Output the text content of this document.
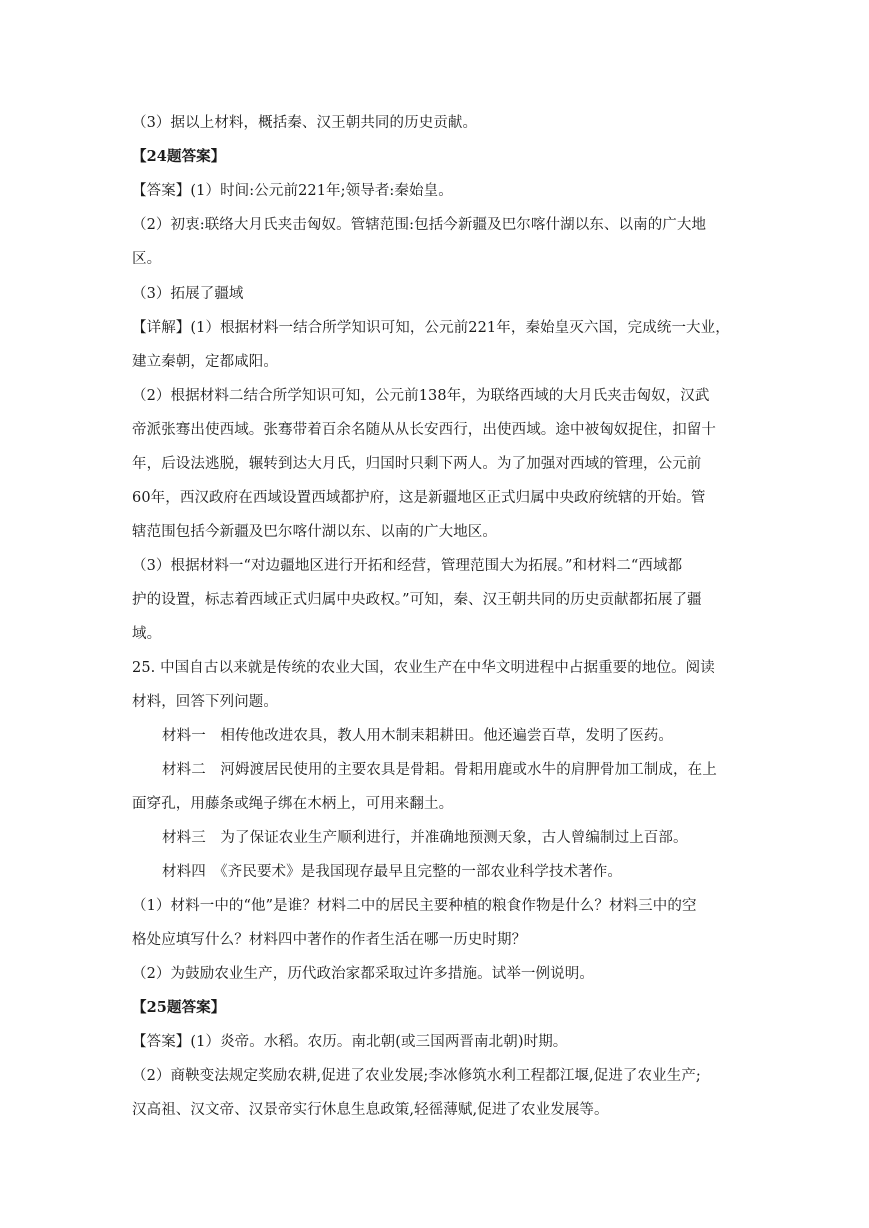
（3）据以上材料，概括秦、汉王朝共同的历史贡献。
【24题答案】
【答案】(1）时间:公元前221年;领导者:秦始皇。
（2）初衷:联络大月氏夹击匈奴。管辖范围:包括今新疆及巴尔喀什湖以东、以南的广大地
区。
（3）拓展了疆域
【详解】(1）根据材料一结合所学知识可知，公元前221年，秦始皇灭六国，完成统一大业，
建立秦朝，定都咸阳。
（2）根据材料二结合所学知识可知，公元前138年，为联络西域的大月氏夹击匈奴，汉武
帝派张骞出使西域。张骞带着百余名随从从长安西行，出使西域。途中被匈奴捉住，扣留十
年，后设法逃脱，辗转到达大月氏，归国时只剩下两人。为了加强对西域的管理，公元前
60年，西汉政府在西域设置西域都护府，这是新疆地区正式归属中央政府统辖的开始。管
辖范围包括今新疆及巴尔喀什湖以东、以南的广大地区。
（3）根据材料一“对边疆地区进行开拓和经营，管理范围大为拓展。”和材料二“西域都
护的设置，标志着西域正式归属中央政权。”可知，秦、汉王朝共同的历史贡献都拓展了疆
域。
25. 中国自古以来就是传统的农业大国，农业生产在中华文明进程中占据重要的地位。阅读
材料，回答下列问题。
材料一　相传他改进农具，教人用木制耒耜耕田。他还遍尝百草，发明了医药。
材料二　河姆渡居民使用的主要农具是骨耜。骨耜用鹿或水牛的肩胛骨加工制成，在上
面穿孔，用藤条或绳子绑在木柄上，可用来翻土。
材料三　为了保证农业生产顺利进行，并准确地预测天象，古人曾编制过上百部。
材料四　《齐民要术》是我国现存最早且完整的一部农业科学技术著作。
（1）材料一中的“他”是谁？材料二中的居民主要种植的粮食作物是什么？材料三中的空
格处应填写什么？材料四中著作的作者生活在哪一历史时期？
（2）为鼓励农业生产，历代政治家都采取过许多措施。试举一例说明。
【25题答案】
【答案】(1）炎帝。水稻。农历。南北朝(或三国两晋南北朝)时期。
（2）商鞅变法规定奖励农耕,促进了农业发展;李冰修筑水利工程都江堰,促进了农业生产;
汉高祖、汉文帝、汉景帝实行休息生息政策,轻徭薄赋,促进了农业发展等。
